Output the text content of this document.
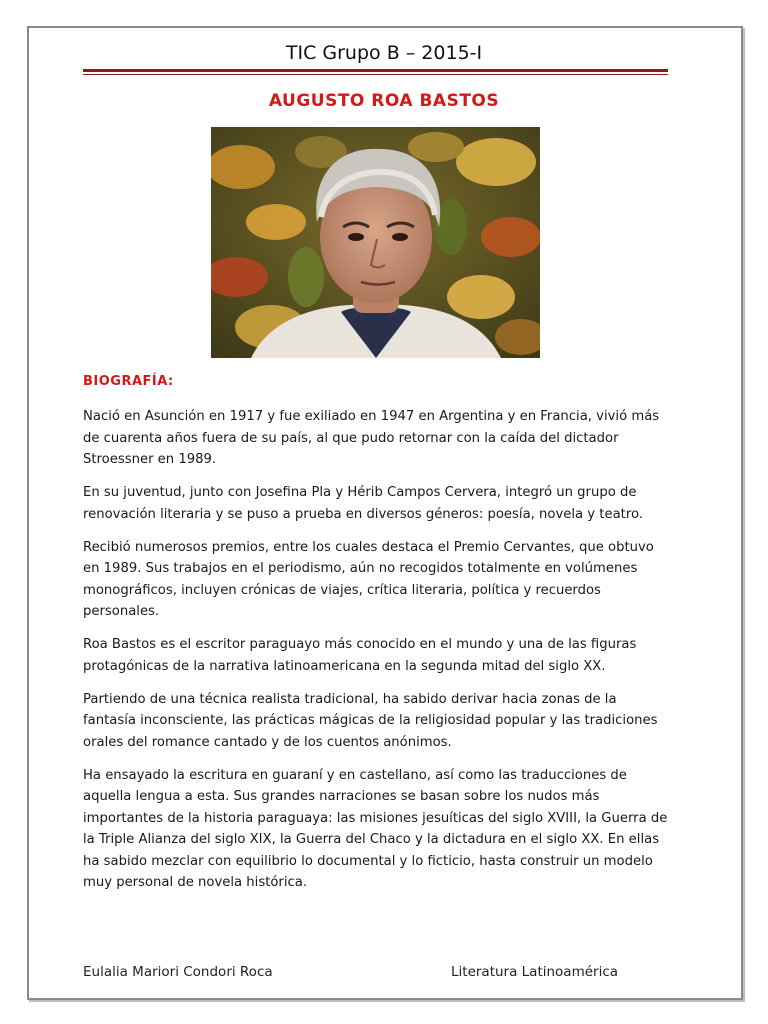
TIC Grupo B – 2015-I
AUGUSTO ROA BASTOS
BIOGRAFÍA:

Nació en Asunción en 1917 y fue exiliado en 1947 en Argentina y en Francia, vivió más de cuarenta años fuera de su país, al que pudo retornar con la caída del dictador Stroessner en 1989.

En su juventud, junto con Josefina Pla y Hérib Campos Cervera, integró un grupo de renovación literaria y se puso a prueba en diversos géneros: poesía, novela y teatro.

Recibió numerosos premios, entre los cuales destaca el Premio Cervantes, que obtuvo en 1989. Sus trabajos en el periodismo, aún no recogidos totalmente en volúmenes monográficos, incluyen crónicas de viajes, crítica literaria, política y recuerdos personales.

Roa Bastos es el escritor paraguayo más conocido en el mundo y una de las figuras protagónicas de la narrativa latinoamericana en la segunda mitad del siglo XX.

Partiendo de una técnica realista tradicional, ha sabido derivar hacia zonas de la fantasía inconsciente, las prácticas mágicas de la religiosidad popular y las tradiciones orales del romance cantado y de los cuentos anónimos.

Ha ensayado la escritura en guaraní y en castellano, así como las traducciones de aquella lengua a esta. Sus grandes narraciones se basan sobre los nudos más importantes de la historia paraguaya: las misiones jesuíticas del siglo XVIII, la Guerra de la Triple Alianza del siglo XIX, la Guerra del Chaco y la dictadura en el siglo XX. En ellas ha sabido mezclar con equilibrio lo documental y lo ficticio, hasta construir un modelo muy personal de novela histórica.

Eulalia Mariori Condori Roca	Literatura Latinoamérica
